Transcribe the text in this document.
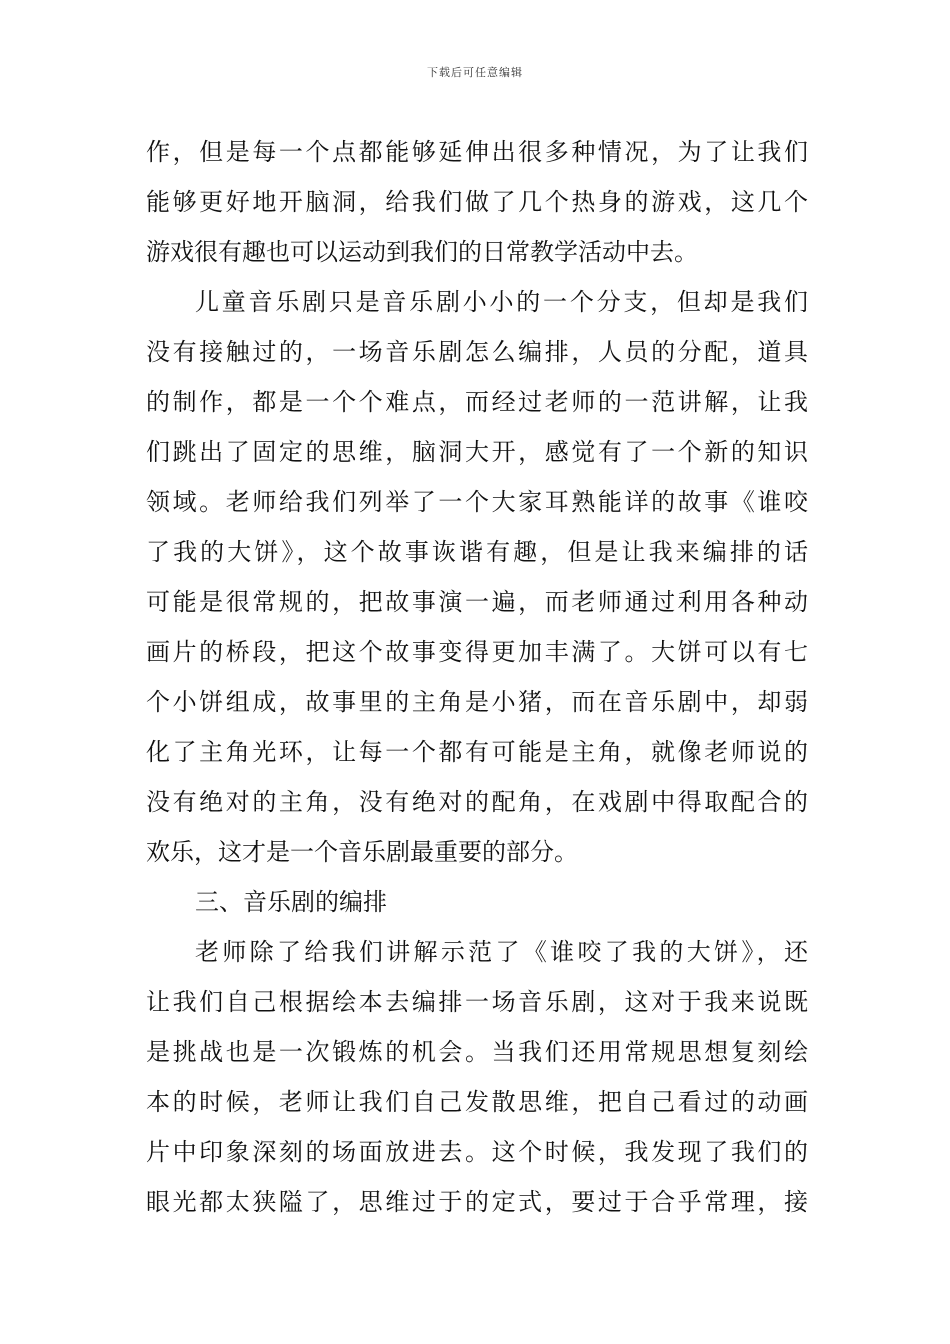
下载后可任意编辑
作，但是每一个点都能够延伸出很多种情况，为了让我们
能够更好地开脑洞，给我们做了几个热身的游戏，这几个
游戏很有趣也可以运动到我们的日常教学活动中去。
儿童音乐剧只是音乐剧小小的一个分支，但却是我们
没有接触过的，一场音乐剧怎么编排，人员的分配，道具
的制作，都是一个个难点，而经过老师的一范讲解，让我
们跳出了固定的思维，脑洞大开，感觉有了一个新的知识
领域。老师给我们列举了一个大家耳熟能详的故事《谁咬
了我的大饼》，这个故事诙谐有趣，但是让我来编排的话
可能是很常规的，把故事演一遍，而老师通过利用各种动
画片的桥段，把这个故事变得更加丰满了。大饼可以有七
个小饼组成，故事里的主角是小猪，而在音乐剧中，却弱
化了主角光环，让每一个都有可能是主角，就像老师说的
没有绝对的主角，没有绝对的配角，在戏剧中得取配合的
欢乐，这才是一个音乐剧最重要的部分。
三、音乐剧的编排
老师除了给我们讲解示范了《谁咬了我的大饼》，还
让我们自己根据绘本去编排一场音乐剧，这对于我来说既
是挑战也是一次锻炼的机会。当我们还用常规思想复刻绘
本的时候，老师让我们自己发散思维，把自己看过的动画
片中印象深刻的场面放进去。这个时候，我发现了我们的
眼光都太狭隘了，思维过于的定式，要过于合乎常理，接
